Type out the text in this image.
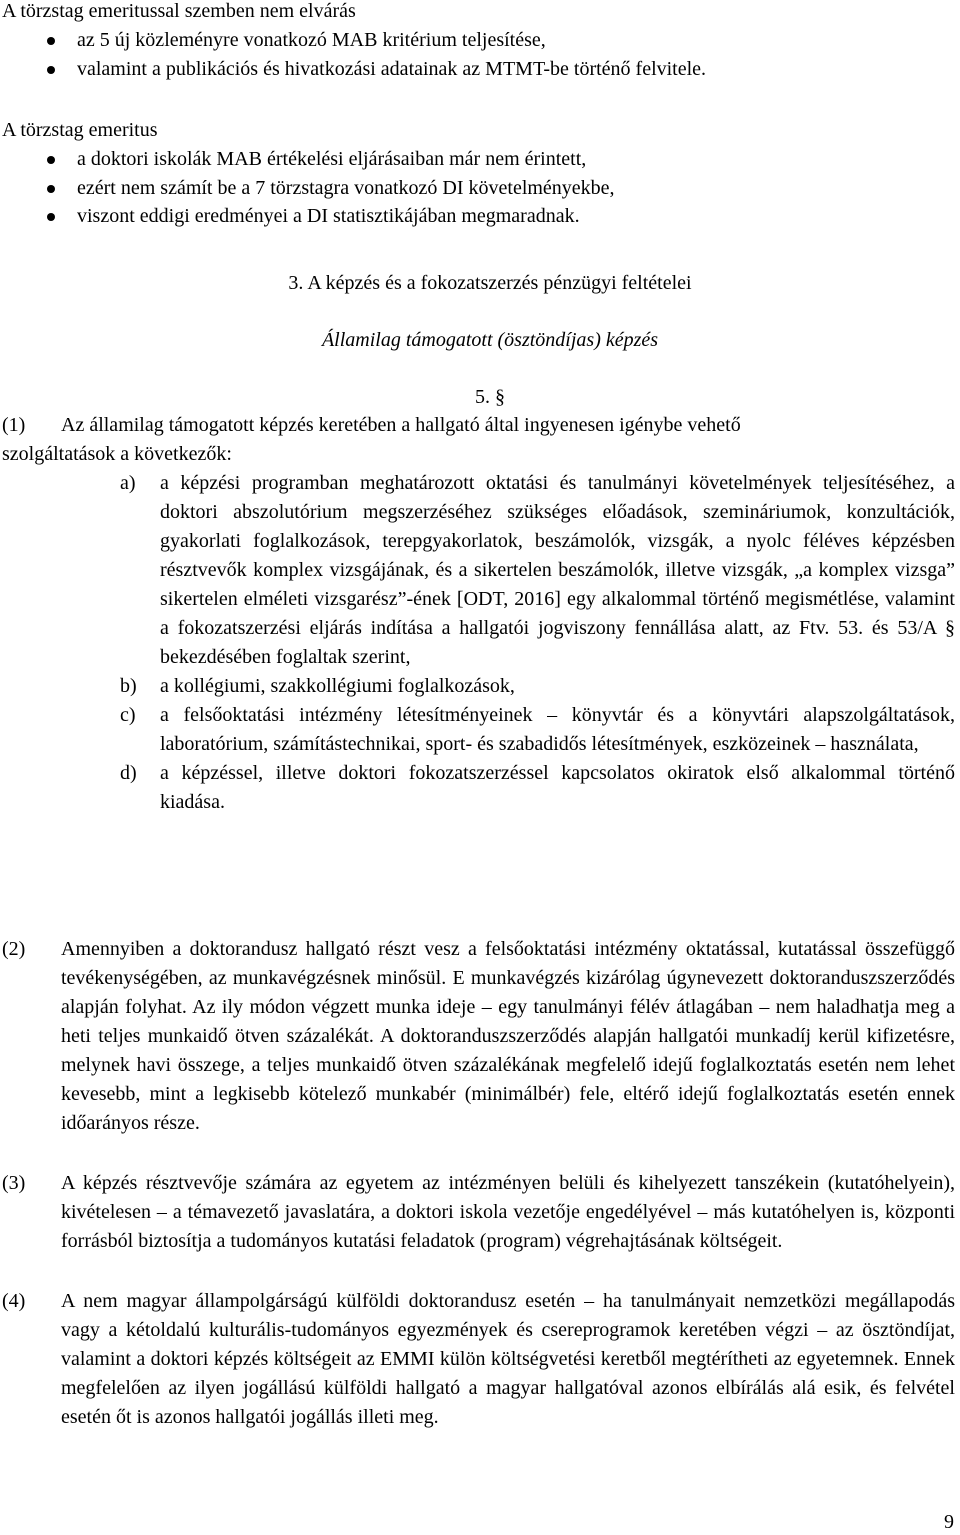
A törzstag emeritussal szemben nem elvárás

az 5 új közleményre vonatkozó MAB kritérium teljesítése,
valamint a publikációs és hivatkozási adatainak az MTMT-be történő felvitele.

A törzstag emeritus

a doktori iskolák MAB értékelési eljárásaiban már nem érintett,
ezért nem számít be a 7 törzstagra vonatkozó DI követelményekbe,
viszont eddigi eredményei a DI statisztikájában megmaradnak.

3. A képzés és a fokozatszerzés pénzügyi feltételei

Államilag támogatott (ösztöndíjas) képzés

5. §

(1) Az államilag támogatott képzés keretében a hallgató által ingyenesen igénybe vehető
szolgáltatások a következők:
a) a képzési programban meghatározott oktatási és tanulmányi követelmények teljesítéséhez, a doktori abszolutórium megszerzéséhez szükséges előadások, szemináriumok, konzultációk, gyakorlati foglalkozások, terepgyakorlatok, beszámolók, vizsgák, a nyolc féléves képzésben résztvevők komplex vizsgájának, és a sikertelen beszámolók, illetve vizsgák, „a komplex vizsga” sikertelen elméleti vizsgarész”-ének [ODT, 2016] egy alkalommal történő megismétlése, valamint a fokozatszerzési eljárás indítása a hallgatói jogviszony fennállása alatt, az Ftv. 53. és 53/A § bekezdésében foglaltak szerint,
b) a kollégiumi, szakkollégiumi foglalkozások,
c) a felsőoktatási intézmény létesítményeinek – könyvtár és a könyvtári alapszolgáltatások, laboratórium, számítástechnikai, sport- és szabadidős létesítmények, eszközeinek – használata,
d) a képzéssel, illetve doktori fokozatszerzéssel kapcsolatos okiratok első alkalommal történő kiadása.
(2) Amennyiben a doktorandusz hallgató részt vesz a felsőoktatási intézmény oktatással, kutatással összefüggő tevékenységében, az munkavégzésnek minősül. E munkavégzés kizárólag úgynevezett doktoranduszszerződés alapján folyhat. Az ily módon végzett munka ideje – egy tanulmányi félév átlagában – nem haladhatja meg a heti teljes munkaidő ötven százalékát. A doktoranduszszerződés alapján hallgatói munkadíj kerül kifizetésre, melynek havi összege, a teljes munkaidő ötven százalékának megfelelő idejű foglalkoztatás esetén nem lehet kevesebb, mint a legkisebb kötelező munkabér (minimálbér) fele, eltérő idejű foglalkoztatás esetén ennek időarányos része.
(3) A képzés résztvevője számára az egyetem az intézményen belüli és kihelyezett tanszékein (kutatóhelyein), kivételesen – a témavezető javaslatára, a doktori iskola vezetője engedélyével – más kutatóhelyen is, központi forrásból biztosítja a tudományos kutatási feladatok (program) végrehajtásának költségeit.
(4) A nem magyar állampolgárságú külföldi doktorandusz esetén – ha tanulmányait nemzetközi megállapodás vagy a kétoldalú kulturális-tudományos egyezmények és csereprogramok keretében végzi – az ösztöndíjat, valamint a doktori képzés költségeit az EMMI külön költségvetési keretből megtérítheti az egyetemnek. Ennek megfelelően az ilyen jogállású külföldi hallgató a magyar hallgatóval azonos elbírálás alá esik, és felvétel esetén őt is azonos hallgatói jogállás illeti meg.

9
